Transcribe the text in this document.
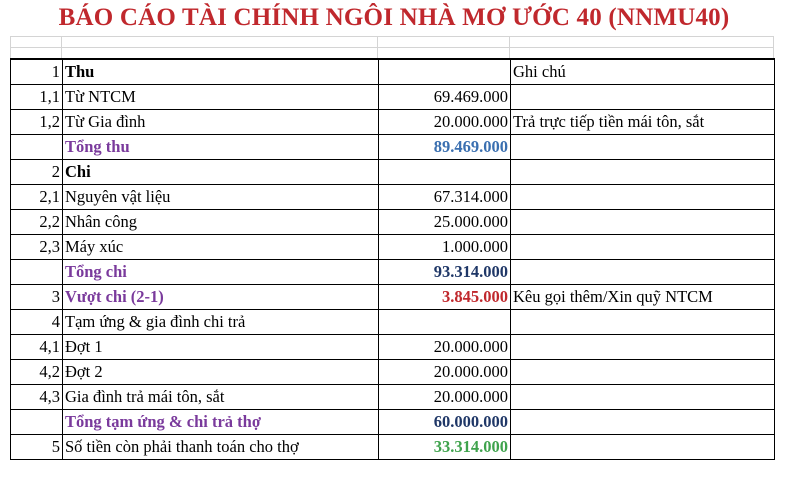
BÁO CÁO TÀI CHÍNH NGÔI NHÀ MƠ ƯỚC 40 (NNMU40)
1	Thu		Ghi chú
1,1	Từ NTCM	69.469.000	
1,2	Từ Gia đình	20.000.000	Trả trực tiếp tiền mái tôn, sắt
	Tổng thu	89.469.000	
2	Chi		
2,1	Nguyên vật liệu	67.314.000	
2,2	Nhân công	25.000.000	
2,3	Máy xúc	1.000.000	
	Tổng chi	93.314.000	
3	Vượt chi (2-1)	3.845.000	Kêu gọi thêm/Xin quỹ NTCM
4	Tạm ứng & gia đình chi trả		
4,1	Đợt 1	20.000.000	
4,2	Đợt 2	20.000.000	
4,3	Gia đình trả mái tôn, sắt	20.000.000	
	Tổng tạm ứng & chi trả thợ	60.000.000	
5	Số tiền còn phải thanh toán cho thợ	33.314.000	
